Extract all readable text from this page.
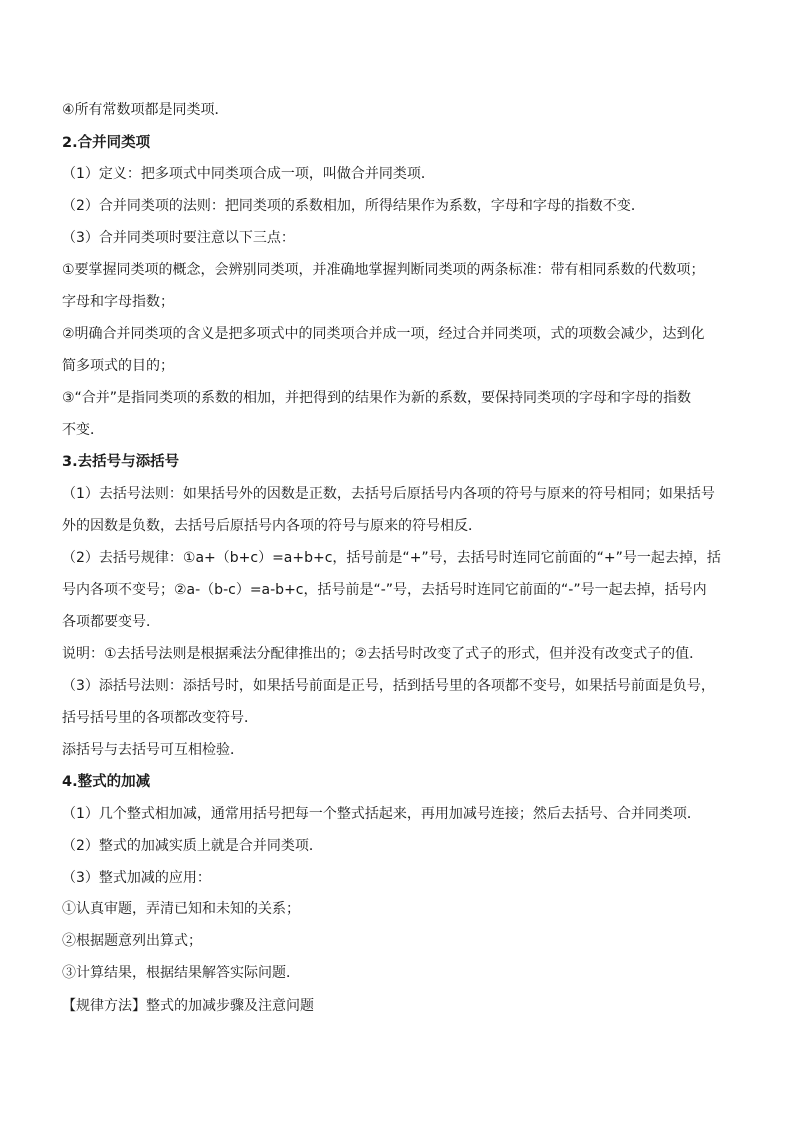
④所有常数项都是同类项．
2.合并同类项
（1）定义：把多项式中同类项合成一项，叫做合并同类项．
（2）合并同类项的法则：把同类项的系数相加，所得结果作为系数，字母和字母的指数不变．
（3）合并同类项时要注意以下三点：
①要掌握同类项的概念，会辨别同类项，并准确地掌握判断同类项的两条标准：带有相同系数的代数项；
字母和字母指数；
②明确合并同类项的含义是把多项式中的同类项合并成一项，经过合并同类项，式的项数会减少，达到化
简多项式的目的；
③“合并”是指同类项的系数的相加，并把得到的结果作为新的系数，要保持同类项的字母和字母的指数
不变．
3.去括号与添括号
（1）去括号法则：如果括号外的因数是正数，去括号后原括号内各项的符号与原来的符号相同；如果括号
外的因数是负数，去括号后原括号内各项的符号与原来的符号相反．
（2）去括号规律：①a+（b+c）=a+b+c，括号前是“+”号，去括号时连同它前面的“+”号一起去掉，括
号内各项不变号；②a-（b-c）=a-b+c，括号前是“-”号，去括号时连同它前面的“-”号一起去掉，括号内
各项都要变号．
说明：①去括号法则是根据乘法分配律推出的；②去括号时改变了式子的形式，但并没有改变式子的值．
（3）添括号法则：添括号时，如果括号前面是正号，括到括号里的各项都不变号，如果括号前面是负号，
括号括号里的各项都改变符号．
添括号与去括号可互相检验．
4.整式的加减
（1）几个整式相加减，通常用括号把每一个整式括起来，再用加减号连接；然后去括号、合并同类项．
（2）整式的加减实质上就是合并同类项．
（3）整式加减的应用：
①认真审题，弄清已知和未知的关系；
②根据题意列出算式；
③计算结果，根据结果解答实际问题．
【规律方法】整式的加减步骤及注意问题
